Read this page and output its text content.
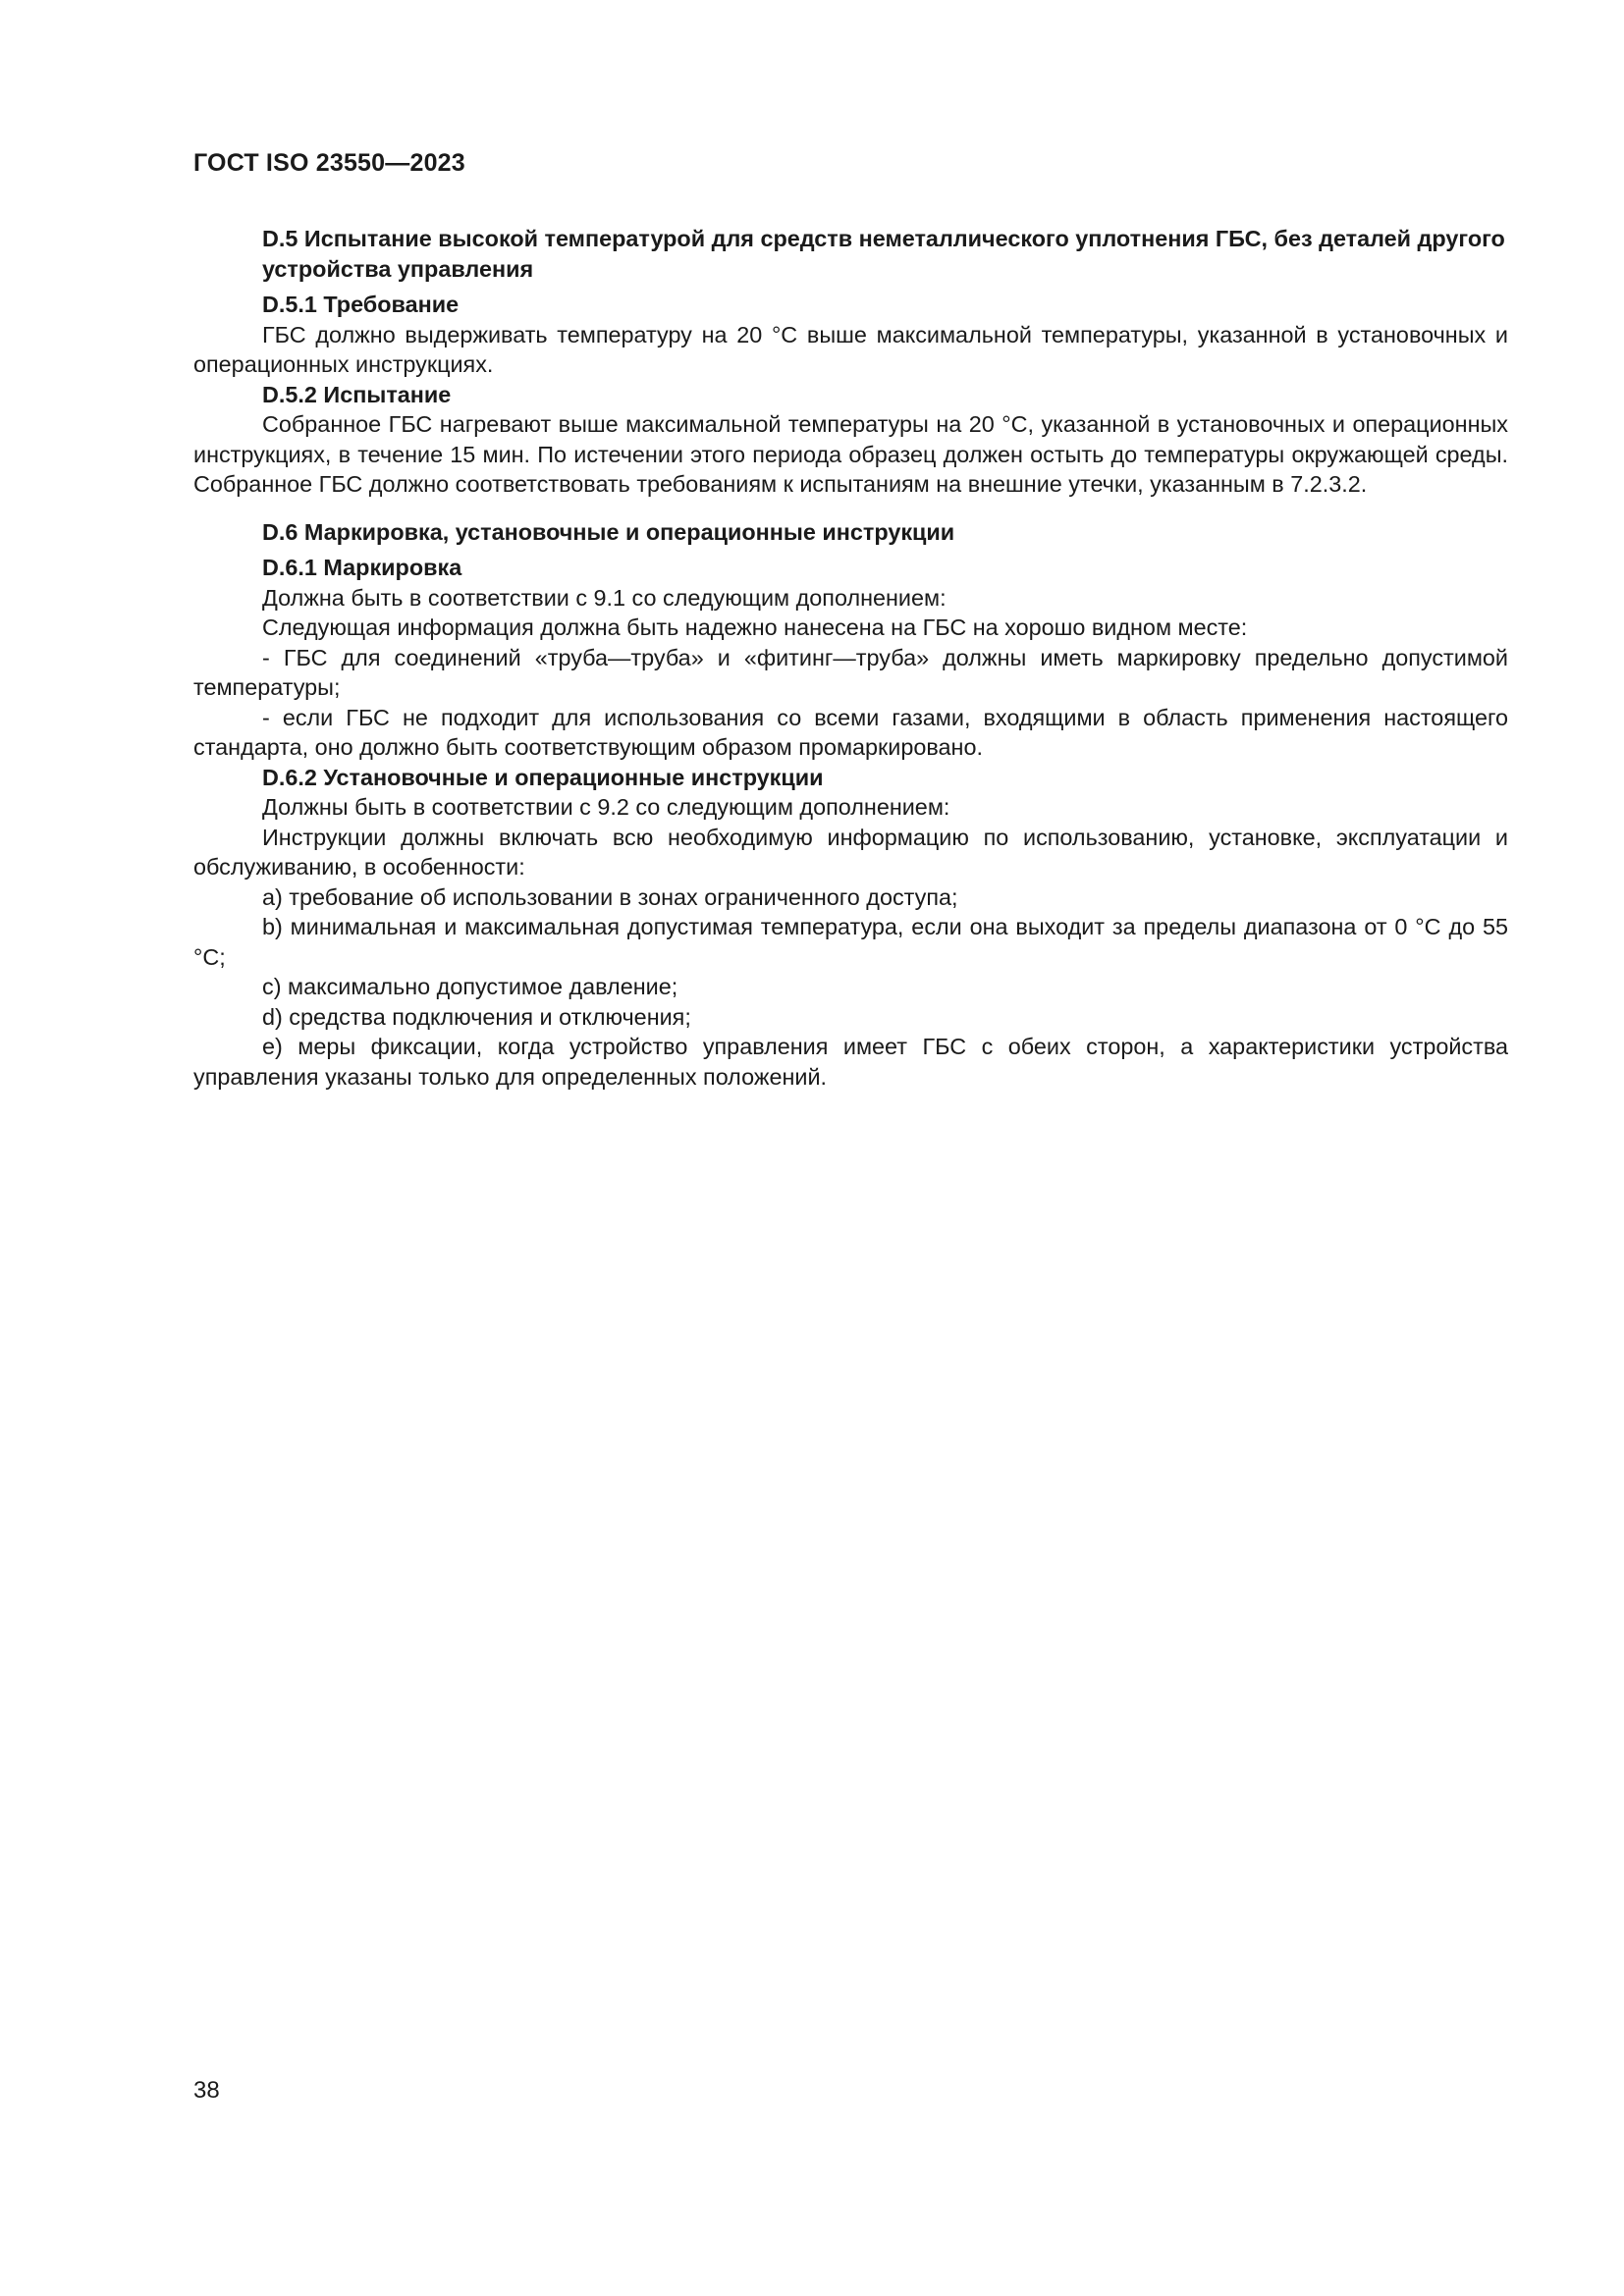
ГОСТ ISO 23550—2023

D.5 Испытание высокой температурой для средств неметаллического уплотнения ГБС, без деталей другого устройства управления

D.5.1 Требование

ГБС должно выдерживать температуру на 20 °С выше максимальной температуры, указанной в установочных и операционных инструкциях.

D.5.2 Испытание

Собранное ГБС нагревают выше максимальной температуры на 20 °С, указанной в установочных и операционных инструкциях, в течение 15 мин. По истечении этого периода образец должен остыть до температуры окружающей среды. Собранное ГБС должно соответствовать требованиям к испытаниям на внешние утечки, указанным в 7.2.3.2.

D.6 Маркировка, установочные и операционные инструкции

D.6.1 Маркировка

Должна быть в соответствии с 9.1 со следующим дополнением:

Следующая информация должна быть надежно нанесена на ГБС на хорошо видном месте:

- ГБС для соединений «труба—труба» и «фитинг—труба» должны иметь маркировку предельно допустимой температуры;

- если ГБС не подходит для использования со всеми газами, входящими в область применения настоящего стандарта, оно должно быть соответствующим образом промаркировано.

D.6.2 Установочные и операционные инструкции

Должны быть в соответствии с 9.2 со следующим дополнением:

Инструкции должны включать всю необходимую информацию по использованию, установке, эксплуатации и обслуживанию, в особенности:

a) требование об использовании в зонах ограниченного доступа;

b) минимальная и максимальная допустимая температура, если она выходит за пределы диапазона от 0 °С до 55 °С;

c) максимально допустимое давление;

d) средства подключения и отключения;

e) меры фиксации, когда устройство управления имеет ГБС с обеих сторон, а характеристики устройства управления указаны только для определенных положений.

38
